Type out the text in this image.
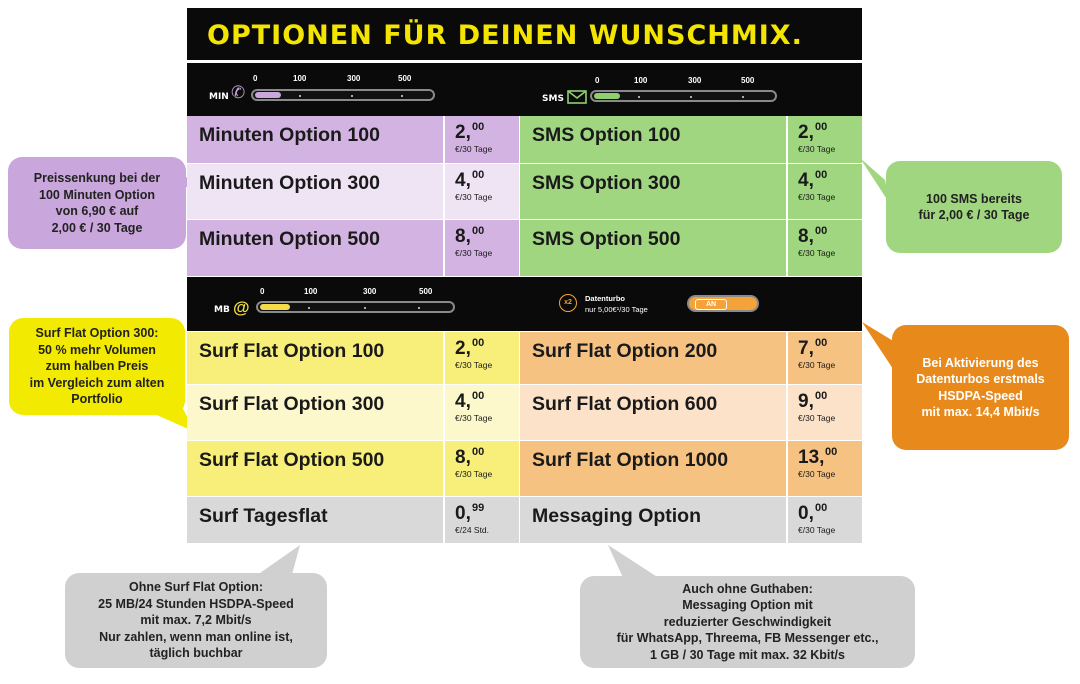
OPTIONEN FÜR DEINEN WUNSCHMIX.
0	100	300	500
MIN ✆
0	100	300	500
SMS
0	100	300	500
MB @	x2	Datenturbo
nur 5,00€¹/30 Tage
AN
Minuten Option 100	2, 00
€/30 Tage
SMS Option 100	2, 00
€/30 Tage
Minuten Option 300	4, 00
€/30 Tage
SMS Option 300	4, 00
€/30 Tage
Minuten Option 500	8, 00
€/30 Tage
SMS Option 500	8, 00
€/30 Tage
Surf Flat Option 100	2, 00
€/30 Tage
Surf Flat Option 200	7, 00
€/30 Tage
Surf Flat Option 300	4, 00
€/30 Tage
Surf Flat Option 600	9, 00
€/30 Tage
Surf Flat Option 500	8, 00
€/30 Tage
Surf Flat Option 1000	13, 00
€/30 Tage
Surf Tagesflat	0, 99
€/24 Std.
Messaging Option	0, 00
€/30 Tage
Preissenkung bei der
100 Minuten Option
von 6,90 € auf
2,00 € / 30 Tage
100 SMS bereits
für 2,00 € / 30 Tage
Surf Flat Option 300:
50 % mehr Volumen
zum halben Preis
im Vergleich zum alten
Portfolio
Bei Aktivierung des
Datenturbos erstmals
HSDPA-Speed
mit max. 14,4 Mbit/s
Ohne Surf Flat Option:
25 MB/24 Stunden HSDPA-Speed
mit max. 7,2 Mbit/s
Nur zahlen, wenn man online ist,
täglich buchbar
Auch ohne Guthaben:
Messaging Option mit
reduzierter Geschwindigkeit
für WhatsApp, Threema, FB Messenger etc.,
1 GB / 30 Tage mit max. 32 Kbit/s
